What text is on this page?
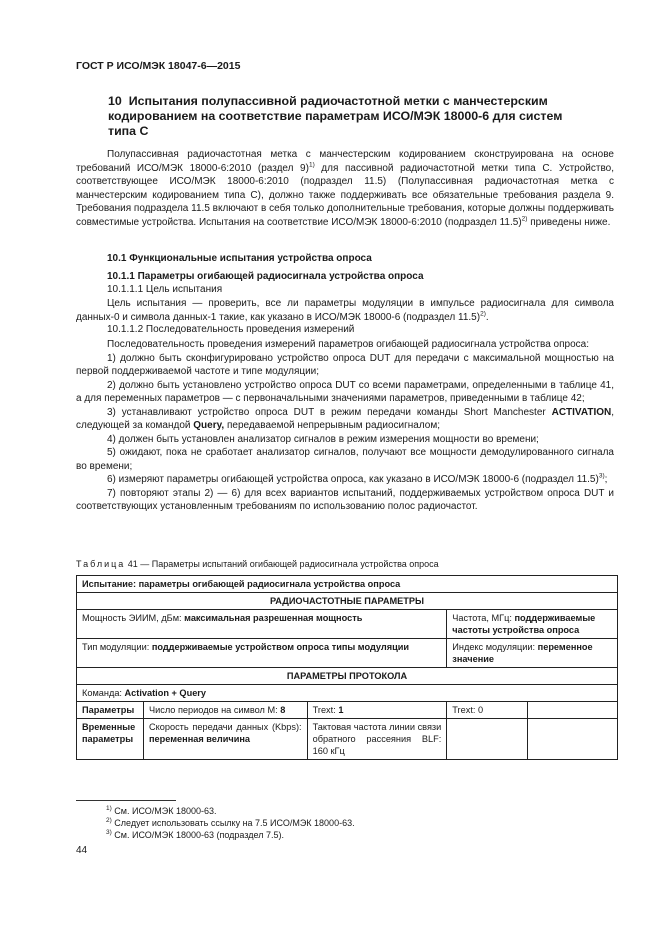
ГОСТ Р ИСО/МЭК 18047-6—2015
10 Испытания полупассивной радиочастотной метки с манчестерским кодированием на соответствие параметрам ИСО/МЭК 18000-6 для систем типа С
Полупассивная радиочастотная метка с манчестерским кодированием сконструирована на основе требований ИСО/МЭК 18000-6:2010 (раздел 9)$^{1)}$ для пассивной радиочастотной метки типа С. Устройство, соответствующее ИСО/МЭК 18000-6:2010 (подраздел 11.5) (Полупассивная радиочастотная метка с манчестерским кодированием типа С), должно также поддерживать все обязательные требования раздела 9. Требования подраздела 11.5 включают в себя только дополнительные требования, которые должны поддерживать совместимые устройства. Испытания на соответствие ИСО/МЭК 18000-6:2010 (подраздел 11.5)$^{2)}$ приведены ниже.
10.1 Функциональные испытания устройства опроса
10.1.1 Параметры огибающей радиосигнала устройства опроса
10.1.1.1 Цель испытания
Цель испытания — проверить, все ли параметры модуляции в импульсе радиосигнала для символа данных-0 и символа данных-1 такие, как указано в ИСО/МЭК 18000-6 (подраздел 11.5)$^{2)}$.
10.1.1.2 Последовательность проведения измерений
Последовательность проведения измерений параметров огибающей радиосигнала устройства опроса:
1) должно быть сконфигурировано устройство опроса DUT для передачи с максимальной мощностью на первой поддерживаемой частоте и типе модуляции;
2) должно быть установлено устройство опроса DUT со всеми параметрами, определенными в таблице 41, а для переменных параметров — с первоначальными значениями параметров, приведенными в таблице 42;
3) устанавливают устройство опроса DUT в режим передачи команды Short Manchester ACTIVATION, следующей за командой Query, передаваемой непрерывным радиосигналом;
4) должен быть установлен анализатор сигналов в режим измерения мощности во времени;
5) ожидают, пока не сработает анализатор сигналов, получают все мощности демодулированного сигнала во времени;
6) измеряют параметры огибающей устройства опроса, как указано в ИСО/МЭК 18000-6 (подраздел 11.5)$^{3)}$;
7) повторяют этапы 2) — 6) для всех вариантов испытаний, поддерживаемых устройством опроса DUT и соответствующих установленным требованиям по использованию полос радиочастот.
Таблица 41 — Параметры испытаний огибающей радиосигнала устройства опроса
Испытание: параметры огибающей радиосигнала устройства опроса				
РАДИОЧАСТОТНЫЕ ПАРАМЕТРЫ				
Мощность ЭИИМ, дБм: максимальная разрешенная мощность			Частота, МГц: поддерживаемые частоты устройства опроса	
Тип модуляции: поддерживаемые устройством опроса типы модуляции			Индекс модуляции: переменное значение	
ПАРАМЕТРЫ ПРОТОКОЛА				
Команда: Activation + Query				
Параметры	Число периодов на символ М: 8	Trext: 1	Trext: 0	
Временные параметры	Скорость передачи данных (Kbps): переменная величина	Тактовая частота линии связи обратного рассеяния BLF: 160 кГц		
$^{1)}$ См. ИСО/МЭК 18000-63.
$^{2)}$ Следует использовать ссылку на 7.5 ИСО/МЭК 18000-63.
$^{3)}$ См. ИСО/МЭК 18000-63 (подраздел 7.5).
44
